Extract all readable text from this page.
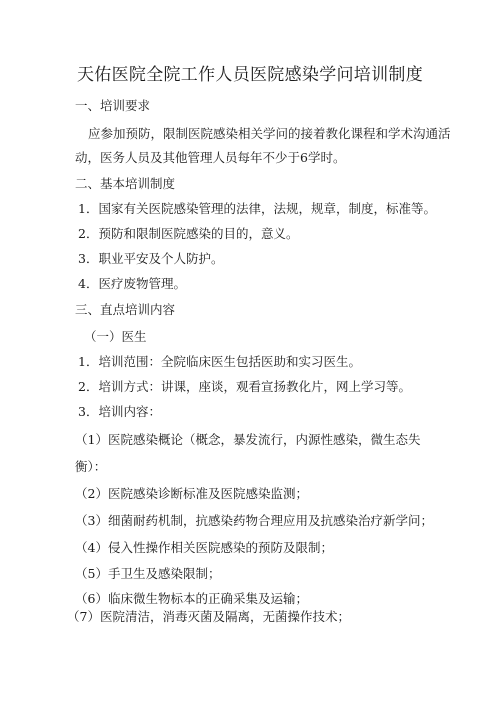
天佑医院全院工作人员医院感染学问培训制度
一、培训要求
应参加预防，限制医院感染相关学问的接着教化课程和学术沟通活
动，医务人员及其他管理人员每年不少于6学时。
二、基本培训制度
1．国家有关医院感染管理的法律，法规，规章，制度，标准等。
2．预防和限制医院感染的目的，意义。
3．职业平安及个人防护。
4．医疗废物管理。
三、直点培训内容
（一）医生
1．培训范围：全院临床医生包括医助和实习医生。
2．培训方式：讲课，座谈，观看宣扬教化片，网上学习等。
3．培训内容：
（1）医院感染概论（概念，暴发流行，内源性感染，微生态失
衡）：
（2）医院感染诊断标准及医院感染监测；
（3）细菌耐药机制，抗感染药物合理应用及抗感染治疗新学问；
（4）侵入性操作相关医院感染的预防及限制；
（5）手卫生及感染限制；
（6）临床微生物标本的正确采集及运输；
（7）医院清洁，消毒灭菌及隔离，无菌操作技术；
